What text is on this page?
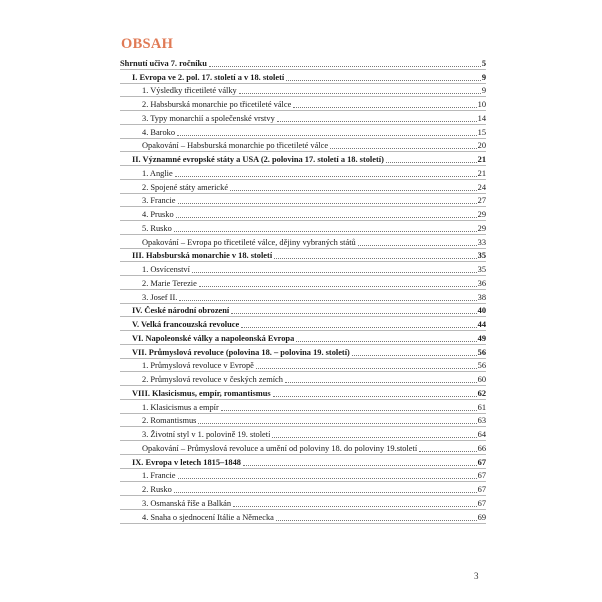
OBSAH
Shrnutí učiva 7. ročníku	5
I. Evropa ve 2. pol. 17. století a v 18. století	9
1. Výsledky třicetileté války	9
2. Habsburská monarchie po třicetileté válce	10
3. Typy monarchií a společenské vrstvy	14
4. Baroko	15
Opakování – Habsburská monarchie po třicetileté válce	20
II. Významné evropské státy a USA (2. polovina 17. století a 18. století)	21
1. Anglie	21
2. Spojené státy americké	24
3. Francie	27
4. Prusko	29
5. Rusko	29
Opakování – Evropa po třicetileté válce, dějiny vybraných států	33
III. Habsburská monarchie v 18. století	35
1. Osvícenství	35
2. Marie Terezie	36
3. Josef II.	38
IV. České národní obrození	40
V. Velká francouzská revoluce	44
VI. Napoleonské války a napoleonská Evropa	49
VII. Průmyslová revoluce (polovina 18. – polovina 19. století)	56
1. Průmyslová revoluce v Evropě	56
2. Průmyslová revoluce v českých zemích	60
VIII. Klasicismus, empír, romantismus	62
1. Klasicismus a empír	61
2. Romantismus	63
3. Životní styl v 1. polovině 19. století	64
Opakování – Průmyslová revoluce a umění od poloviny 18. do poloviny 19.století	66
IX. Evropa v letech 1815–1848	67
1. Francie	67
2. Rusko	67
3. Osmanská říše a Balkán	67
4. Snaha o sjednocení Itálie a Německa	69
3
